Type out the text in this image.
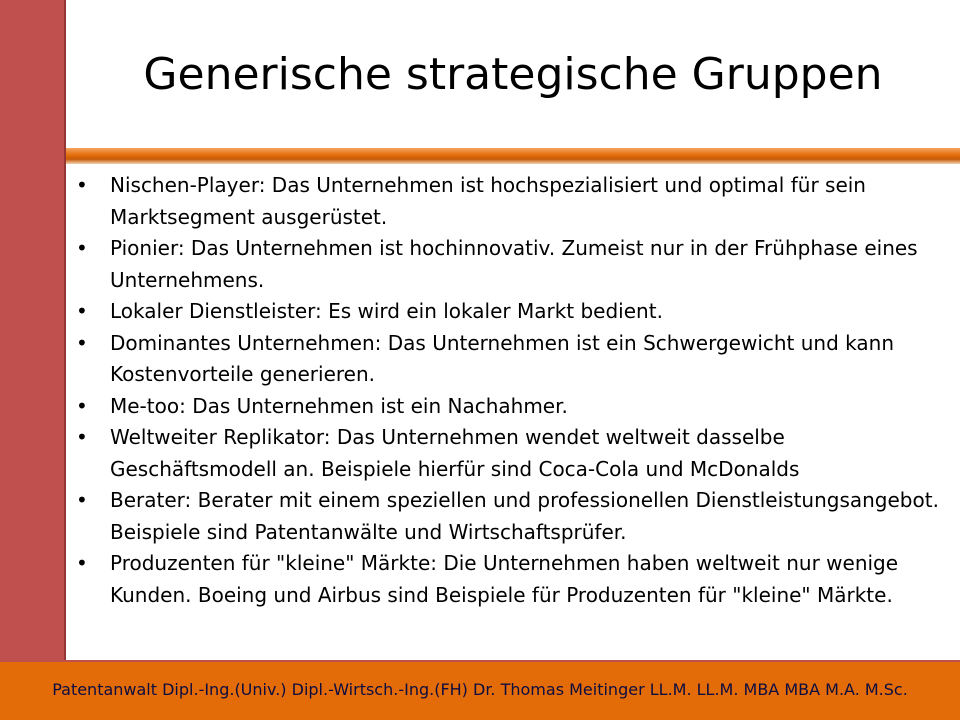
Generische strategische Gruppen
• Nischen-Player: Das Unternehmen ist hochspezialisiert und optimal für sein Marktsegment ausgerüstet.
• Pionier: Das Unternehmen ist hochinnovativ. Zumeist nur in der Frühphase eines Unternehmens.
• Lokaler Dienstleister: Es wird ein lokaler Markt bedient.
• Dominantes Unternehmen: Das Unternehmen ist ein Schwergewicht und kann Kostenvorteile generieren.
• Me-too: Das Unternehmen ist ein Nachahmer.
• Weltweiter Replikator: Das Unternehmen wendet weltweit dasselbe Geschäftsmodell an. Beispiele hierfür sind Coca-Cola und McDonalds
• Berater: Berater mit einem speziellen und professionellen Dienstleistungsangebot. Beispiele sind Patentanwälte und Wirtschaftsprüfer.
• Produzenten für "kleine" Märkte: Die Unternehmen haben weltweit nur wenige Kunden. Boeing und Airbus sind Beispiele für Produzenten für "kleine" Märkte.
Patentanwalt Dipl.-Ing.(Univ.) Dipl.-Wirtsch.-Ing.(FH) Dr. Thomas Meitinger LL.M. LL.M. MBA MBA M.A. M.Sc.
